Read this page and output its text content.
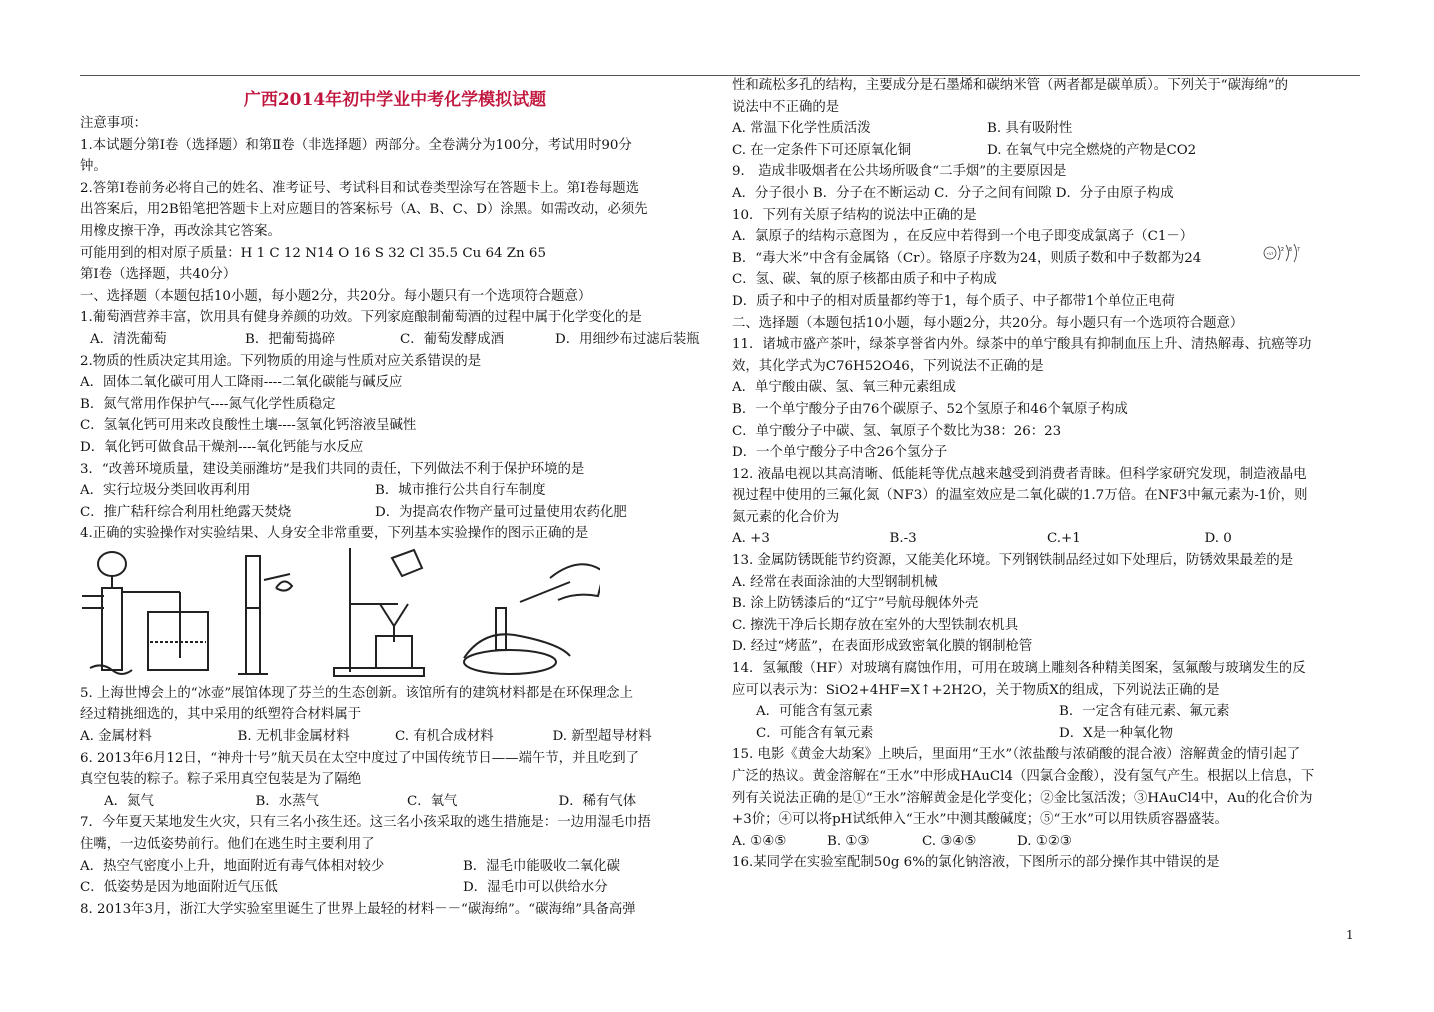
广西2014年初中学业中考化学模拟试题

注意事项：

1.本试题分第Ⅰ卷（选择题）和第Ⅱ卷（非选择题）两部分。全卷满分为100分，考试用时90分

钟。

2.答第Ⅰ卷前务必将自己的姓名、准考证号、考试科目和试卷类型涂写在答题卡上。第Ⅰ卷每题选

出答案后，用2B铅笔把答题卡上对应题目的答案标号（A、B、C、D）涂黑。如需改动，必须先

用橡皮擦干净，再改涂其它答案。

可能用到的相对原子质量：H 1 C 12 N14 O 16 S 32 Cl 35.5 Cu 64 Zn 65

第Ⅰ卷（选择题，共40分）

一、选择题（本题包括10小题，每小题2分，共20分。每小题只有一个选项符合题意）

1.葡萄酒营养丰富，饮用具有健身养颜的功效。下列家庭酿制葡萄酒的过程中属于化学变化的是

A．清洗葡萄	B．把葡萄捣碎	C．葡萄发酵成酒	D．用细纱布过滤后装瓶

2.物质的性质决定其用途。下列物质的用途与性质对应关系错误的是

A．固体二氧化碳可用人工降雨----二氧化碳能与碱反应

B．氮气常用作保护气----氮气化学性质稳定

C．氢氧化钙可用来改良酸性土壤----氢氧化钙溶液呈碱性

D．氧化钙可做食品干燥剂----氧化钙能与水反应

3．“改善环境质量，建设美丽潍坊”是我们共同的责任，下列做法不利于保护环境的是

A．实行垃圾分类回收再利用	B．城市推行公共自行车制度

C．推广秸秆综合利用杜绝露天焚烧	D．为提高农作物产量可过量使用农药化肥

4.正确的实验操作对实验结果、人身安全非常重要，下列基本实验操作的图示正确的是

5. 上海世博会上的“冰壶”展馆体现了芬兰的生态创新。该馆所有的建筑材料都是在环保理念上

经过精挑细选的，其中采用的纸塑符合材料属于

A. 金属材料	B. 无机非金属材料	C. 有机合成材料	D. 新型超导材料

6. 2013年6月12日，“神舟十号”航天员在太空中度过了中国传统节日——端午节，并且吃到了

真空包装的粽子。粽子采用真空包装是为了隔绝

A．氮气	B．水蒸气	C．氧气	D．稀有气体

7．今年夏天某地发生火灾，只有三名小孩生还。这三名小孩采取的逃生措施是：一边用湿毛巾捂

住嘴，一边低姿势前行。他们在逃生时主要利用了

A．热空气密度小上升，地面附近有毒气体相对较少	B．湿毛巾能吸收二氧化碳

C．低姿势是因为地面附近气压低	D．湿毛巾可以供给水分

8. 2013年3月，浙江大学实验室里诞生了世界上最轻的材料－－“碳海绵”。“碳海绵”具备高弹

性和疏松多孔的结构，主要成分是石墨烯和碳纳米管（两者都是碳单质）。下列关于“碳海绵”的

说法中不正确的是

A. 常温下化学性质活泼	B. 具有吸附性

C. 在一定条件下可还原氧化铜	D. 在氧气中完全燃烧的产物是CO2

9． 造成非吸烟者在公共场所吸食“二手烟”的主要原因是

A．分子很小 B．分子在不断运动 C．分子之间有间隙 D．分子由原子构成

10．下列有关原子结构的说法中正确的是

A．氯原子的结构示意图为 ，在反应中若得到一个电子即变成氯离子（C1－）

B．“毒大米”中含有金属铬（Cr）。铬原子序数为24，则质子数和中子数都为24

C．氢、碳、氧的原子核都由质子和中子构成

D．质子和中子的相对质量都约等于1，每个质子、中子都带1个单位正电荷

二、选择题（本题包括10小题，每小题2分，共20分。每小题只有一个选项符合题意）

11．诸城市盛产茶叶，绿茶享誉省内外。绿茶中的单宁酸具有抑制血压上升、清热解毒、抗癌等功

效，其化学式为C76H52O46，下列说法不正确的是

A．单宁酸由碳、氢、氧三种元素组成

B．一个单宁酸分子由76个碳原子、52个氢原子和46个氧原子构成

C．单宁酸分子中碳、氢、氧原子个数比为38：26：23

D．一个单宁酸分子中含26个氢分子

12. 液晶电视以其高清晰、低能耗等优点越来越受到消费者青睐。但科学家研究发现，制造液晶电

视过程中使用的三氟化氮（NF3）的温室效应是二氧化碳的1.7万倍。在NF3中氟元素为-1价，则

氮元素的化合价为

A. +3	B.-3	C.+1	D. 0

13. 金属防锈既能节约资源，又能美化环境。下列钢铁制品经过如下处理后，防锈效果最差的是

A. 经常在表面涂油的大型钢制机械

B. 涂上防锈漆后的“辽宁”号航母舰体外壳

C. 擦洗干净后长期存放在室外的大型铁制农机具

D. 经过“烤蓝”，在表面形成致密氧化膜的钢制枪管

14．氢氟酸（HF）对玻璃有腐蚀作用，可用在玻璃上雕刻各种精美图案，氢氟酸与玻璃发生的反

应可以表示为：SiO2+4HF=X↑+2H2O，关于物质X的组成，下列说法正确的是

A．可能含有氢元素	B．一定含有硅元素、氟元素

C．可能含有氧元素	D．X是一种氧化物

15. 电影《黄金大劫案》上映后，里面用“王水”（浓盐酸与浓硝酸的混合液）溶解黄金的情引起了

广泛的热议。黄金溶解在“王水”中形成HAuCl4（四氯合金酸），没有氢气产生。根据以上信息，下

列有关说法正确的是①“王水”溶解黄金是化学变化；②金比氢活泼；③HAuCl4中，Au的化合价为

+3价；④可以将pH试纸伸入“王水”中测其酸碱度；⑤“王水”可以用铁质容器盛装。

A. ①④⑤	B. ①③	C. ③④⑤	D. ①②③

16.某同学在实验室配制50g 6%的氯化钠溶液，下图所示的部分操作其中错误的是

+17
2 8 7
1
